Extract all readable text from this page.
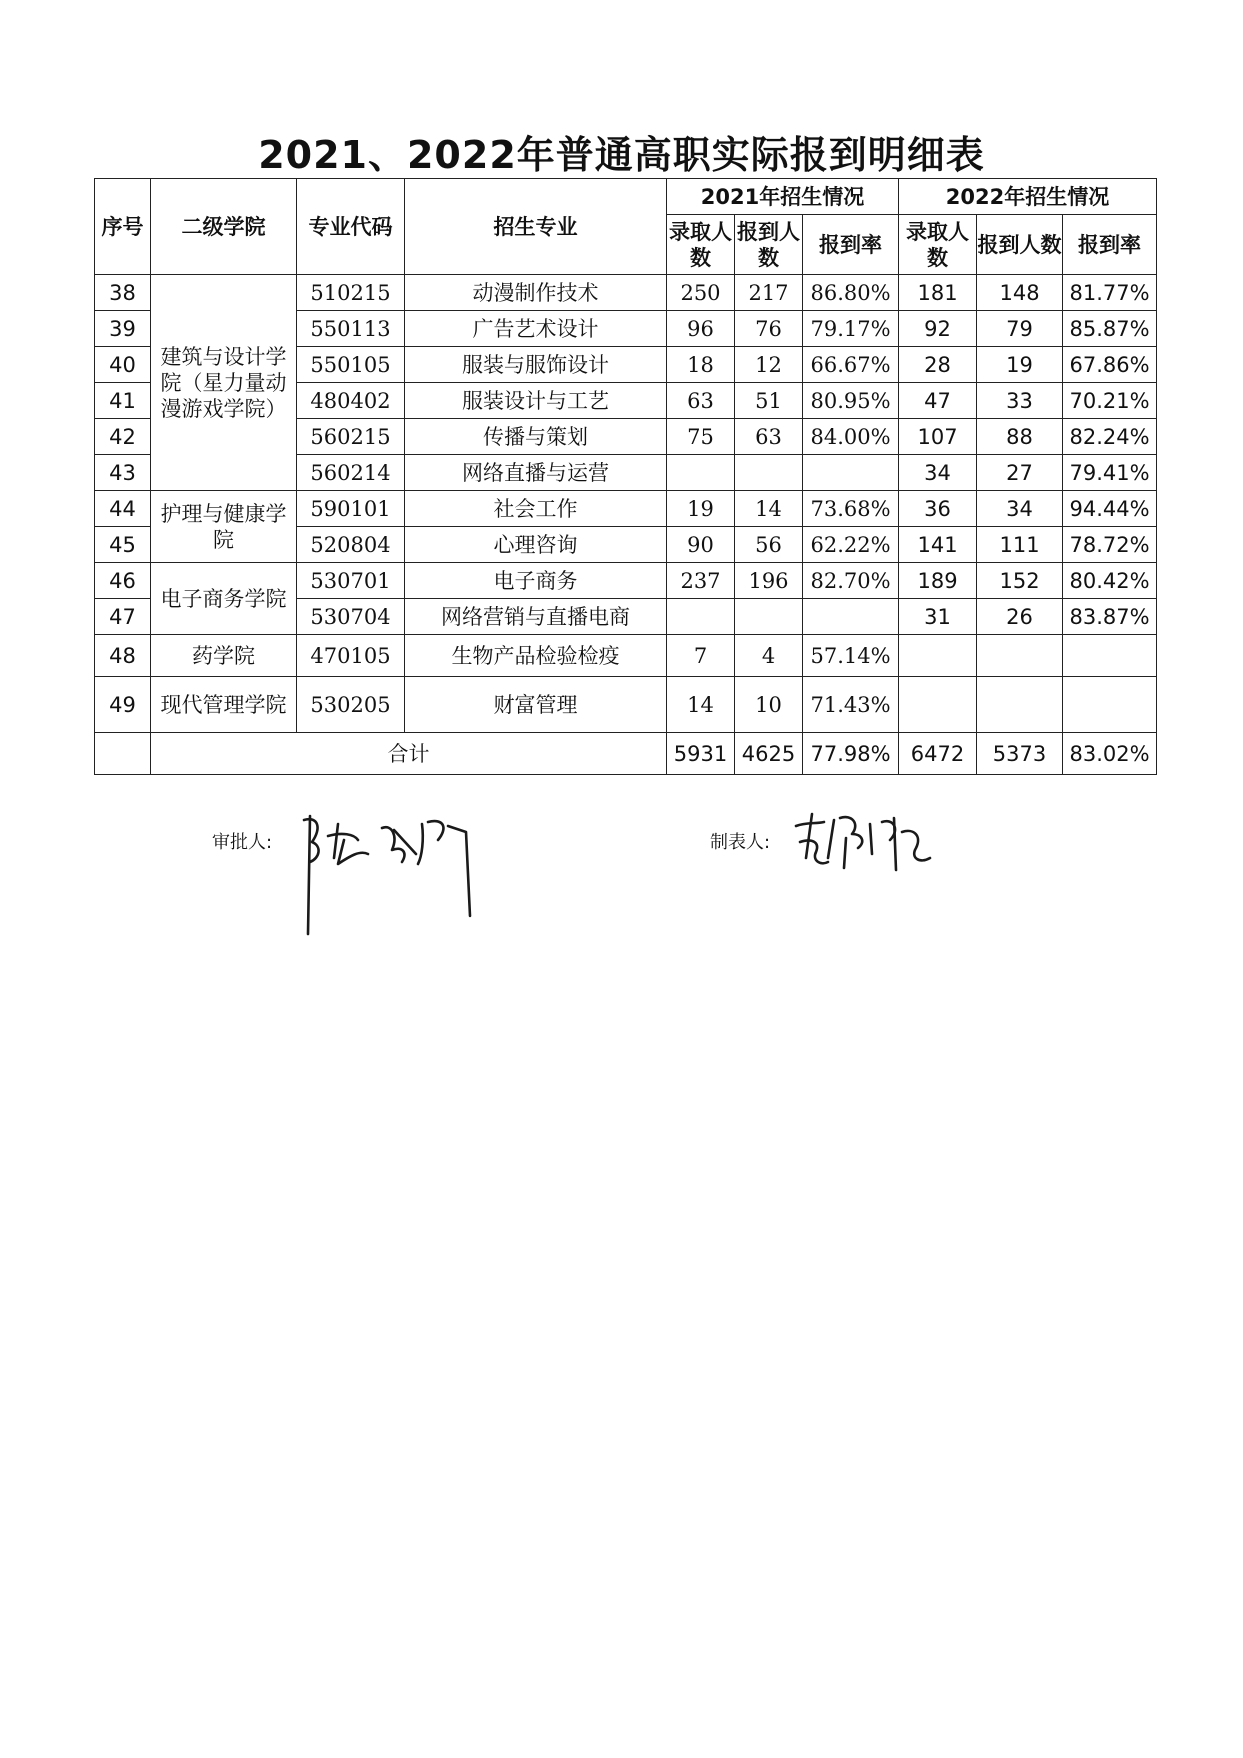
2021、2022年普通高职实际报到明细表
序号	二级学院	专业代码	招生专业	2021年招生情况			2022年招生情况		
				录取人数	报到人数	报到率	录取人数	报到人数	报到率
38	建筑与设计学院（星力量动漫游戏学院）	510215	动漫制作技术	250	217	86.80%	181	148	81.77%
39		550113	广告艺术设计	96	76	79.17%	92	79	85.87%
40		550105	服装与服饰设计	18	12	66.67%	28	19	67.86%
41		480402	服装设计与工艺	63	51	80.95%	47	33	70.21%
42		560215	传播与策划	75	63	84.00%	107	88	82.24%
43		560214	网络直播与运营				34	27	79.41%
44	护理与健康学院	590101	社会工作	19	14	73.68%	36	34	94.44%
45		520804	心理咨询	90	56	62.22%	141	111	78.72%
46	电子商务学院	530701	电子商务	237	196	82.70%	189	152	80.42%
47		530704	网络营销与直播电商				31	26	83.87%
48	药学院	470105	生物产品检验检疫	7	4	57.14%			
49	现代管理学院	530205	财富管理	14	10	71.43%			
	合计			5931	4625	77.98%	6472	5373	83.02%
审批人:	制表人:
